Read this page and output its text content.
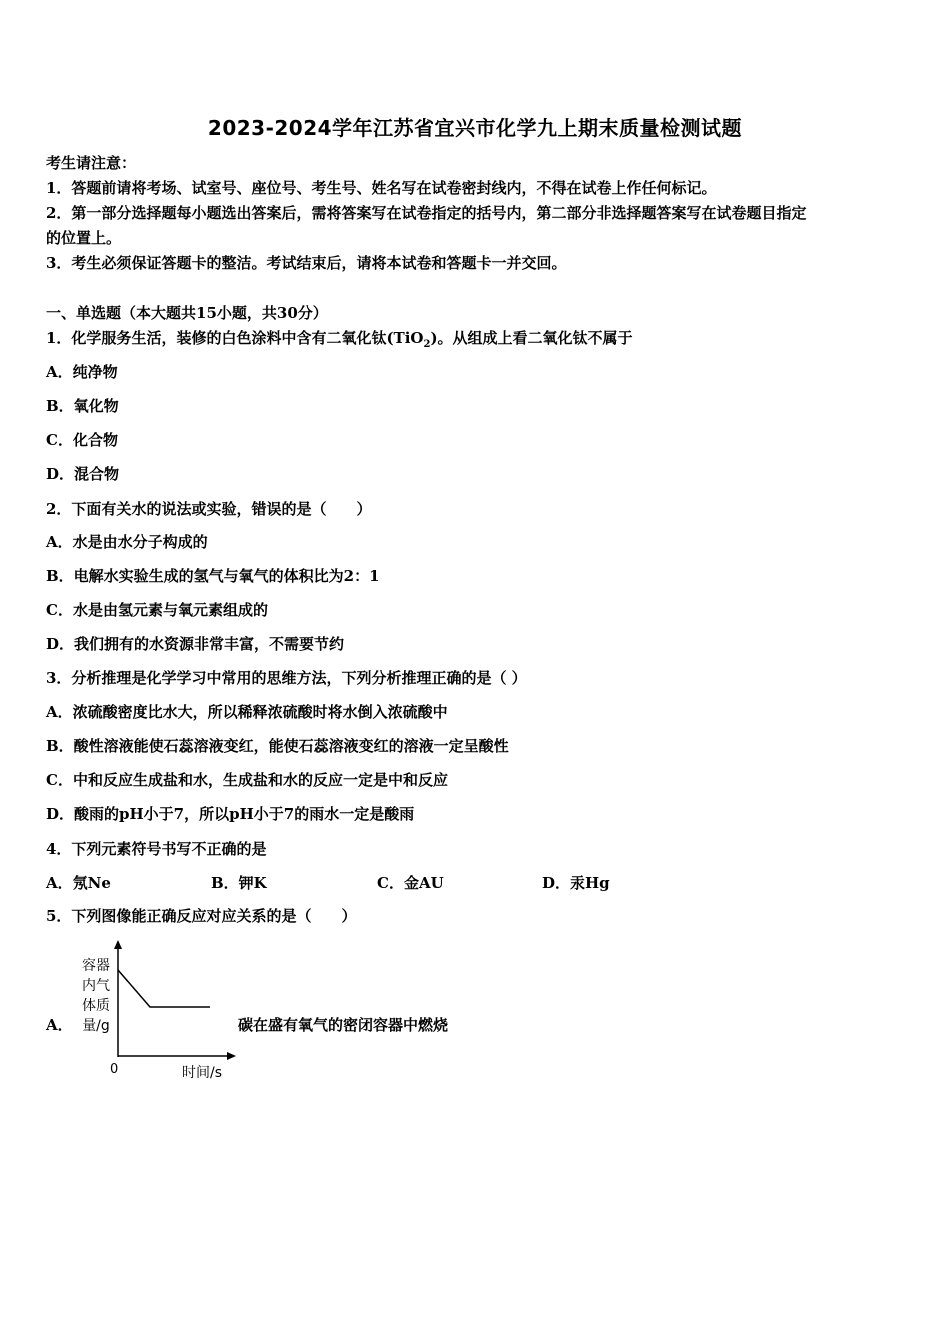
2023-2024学年江苏省宜兴市化学九上期末质量检测试题
考生请注意：
1．答题前请将考场、试室号、座位号、考生号、姓名写在试卷密封线内，不得在试卷上作任何标记。
2．第一部分选择题每小题选出答案后，需将答案写在试卷指定的括号内，第二部分非选择题答案写在试卷题目指定
的位置上。
3．考生必须保证答题卡的整洁。考试结束后，请将本试卷和答题卡一并交回。
一、单选题（本大题共15小题，共30分）
1．化学服务生活，装修的白色涂料中含有二氧化钛(TiO$_2$)。从组成上看二氧化钛不属于
A．纯净物
B．氧化物
C．化合物
D．混合物
2．下面有关水的说法或实验，错误的是（　　）
A．水是由水分子构成的
B．电解水实验生成的氢气与氧气的体积比为2：1
C．水是由氢元素与氧元素组成的
D．我们拥有的水资源非常丰富，不需要节约
3．分析推理是化学学习中常用的思维方法，下列分析推理正确的是（ ）
A．浓硫酸密度比水大，所以稀释浓硫酸时将水倒入浓硫酸中
B．酸性溶液能使石蕊溶液变红，能使石蕊溶液变红的溶液一定呈酸性
C．中和反应生成盐和水，生成盐和水的反应一定是中和反应
D．酸雨的pH小于7，所以pH小于7的雨水一定是酸雨
4．下列元素符号书写不正确的是
A．氖Ne	B．钾K	C．金AU	D．汞Hg
5．下列图像能正确反应对应关系的是（　　）
A．
容器内气体质量/g
0	时间/s
碳在盛有氧气的密闭容器中燃烧
